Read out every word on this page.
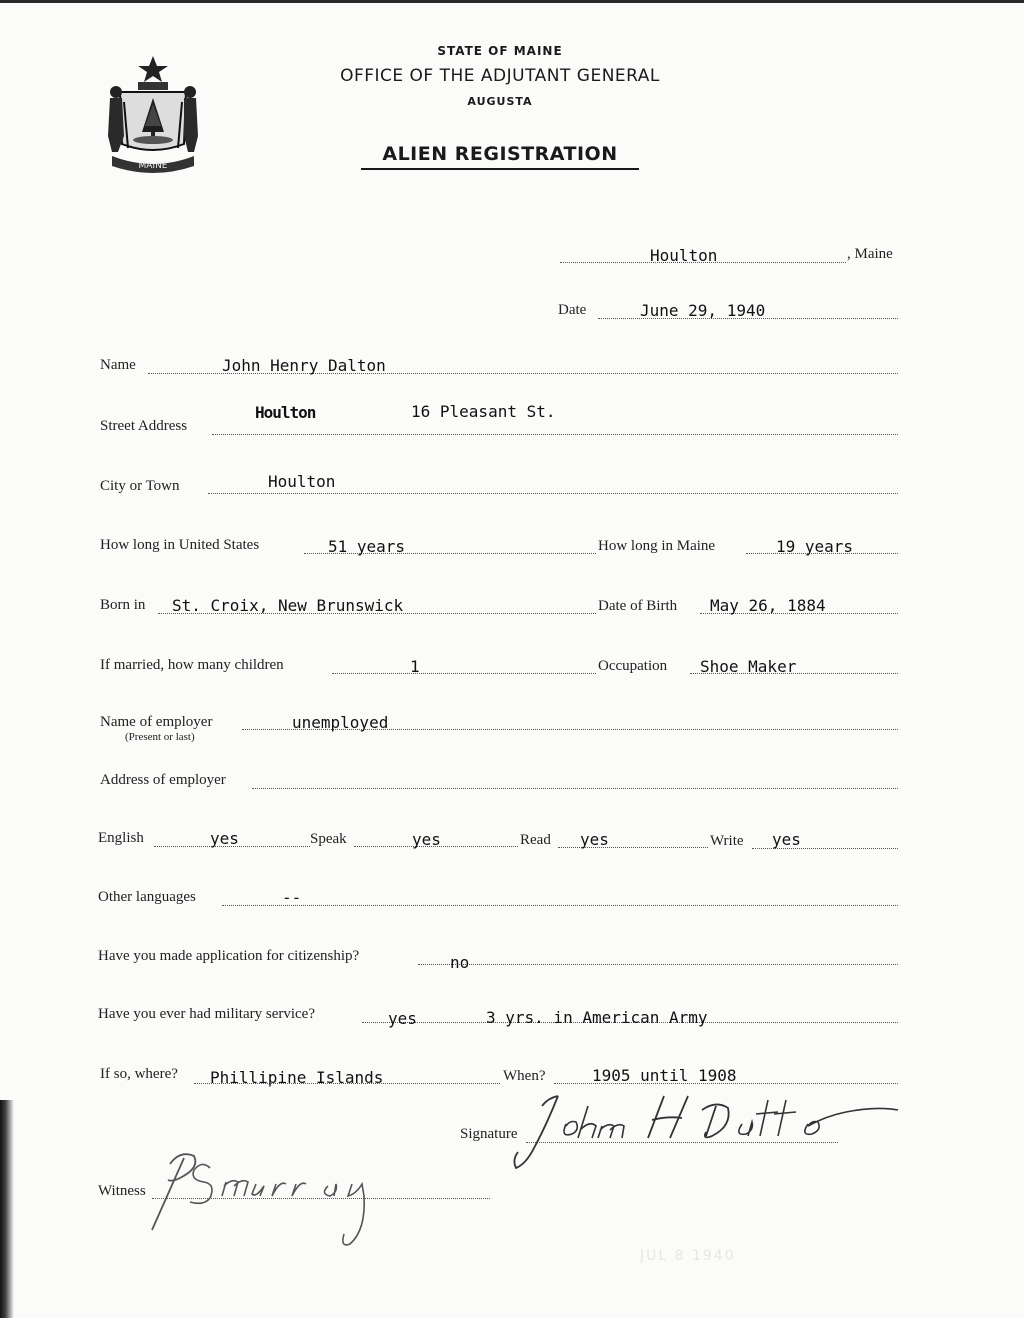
MAINE
STATE OF MAINE
OFFICE OF THE ADJUTANT GENERAL
AUGUSTA
ALIEN REGISTRATION
Houlton	, Maine
Date	June 29, 1940
Name	John Henry Dalton
Street Address
Houlton	16 Pleasant St.
City or Town	Houlton
How long in United States	51 years	How long in Maine	19 years
Born in St. Croix, New Brunswick	Date of Birth May 26, 1884
If married, how many children	1	Occupation Shoe Maker
Name of employer
(Present or last)
unemployed
Address of employer
English	yes	Speak	yes	Read yes	Write yes
Other languages	--
Have you made application for citizenship?	no
Have you ever had military service?	yes	3 yrs. in American Army
If so, where? Phillipine Islands	When?	1905 until 1908
Signature
John H. Dalton
Witness
P. Murray
JUL 8 1940
